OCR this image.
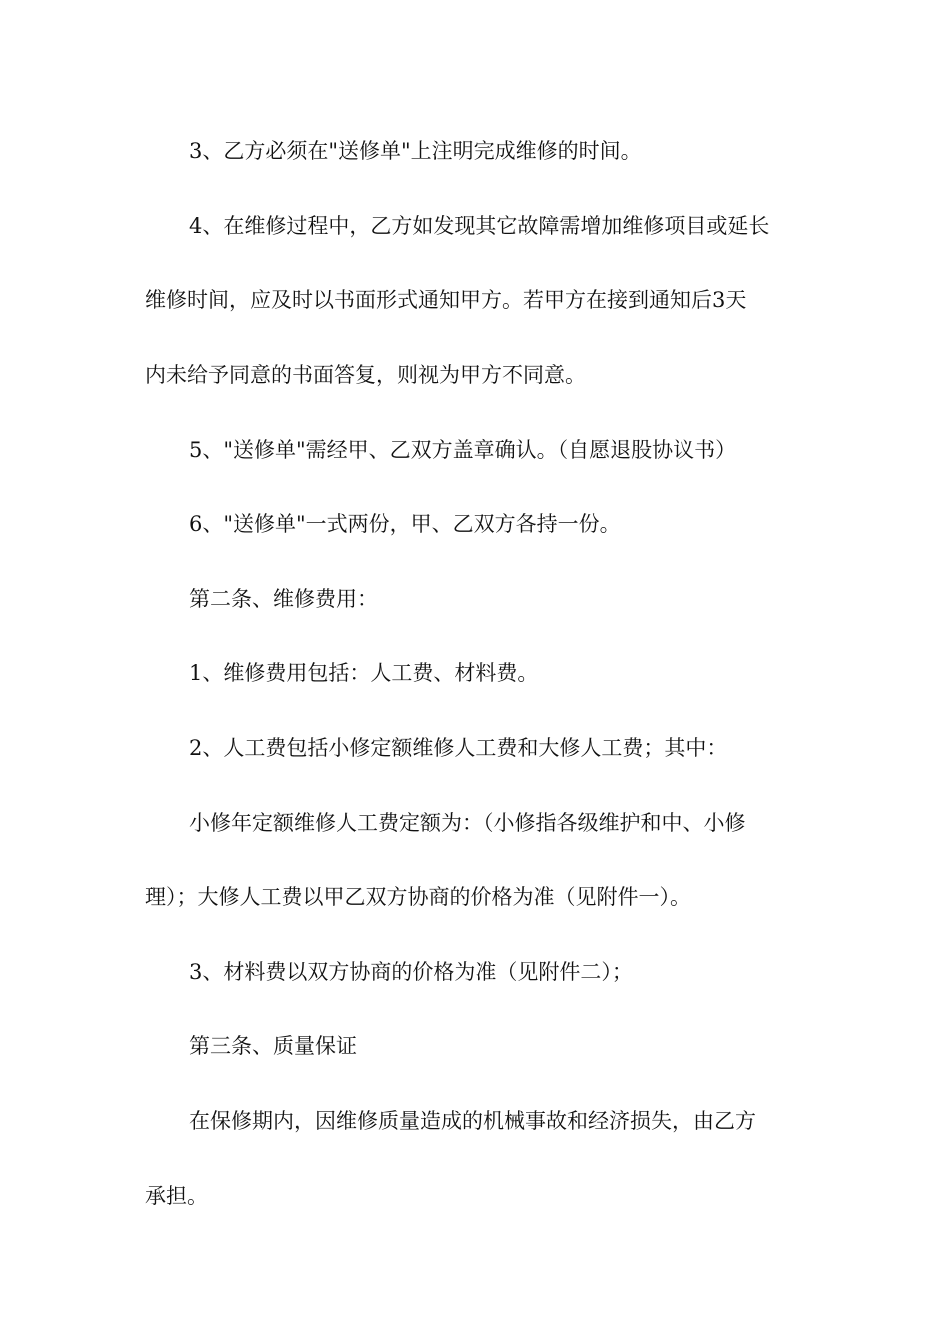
3、乙方必须在"送修单"上注明完成维修的时间。
4、在维修过程中，乙方如发现其它故障需增加维修项目或延长
维修时间，应及时以书面形式通知甲方。若甲方在接到通知后3天
内未给予同意的书面答复，则视为甲方不同意。
5、"送修单"需经甲、乙双方盖章确认。（自愿退股协议书）
6、"送修单"一式两份，甲、乙双方各持一份。
第二条、维修费用：
1、维修费用包括：人工费、材料费。
2、人工费包括小修定额维修人工费和大修人工费；其中：
小修年定额维修人工费定额为：（小修指各级维护和中、小修
理）；大修人工费以甲乙双方协商的价格为准（见附件一）。
3、材料费以双方协商的价格为准（见附件二）；
第三条、质量保证
在保修期内，因维修质量造成的机械事故和经济损失，由乙方
承担。
